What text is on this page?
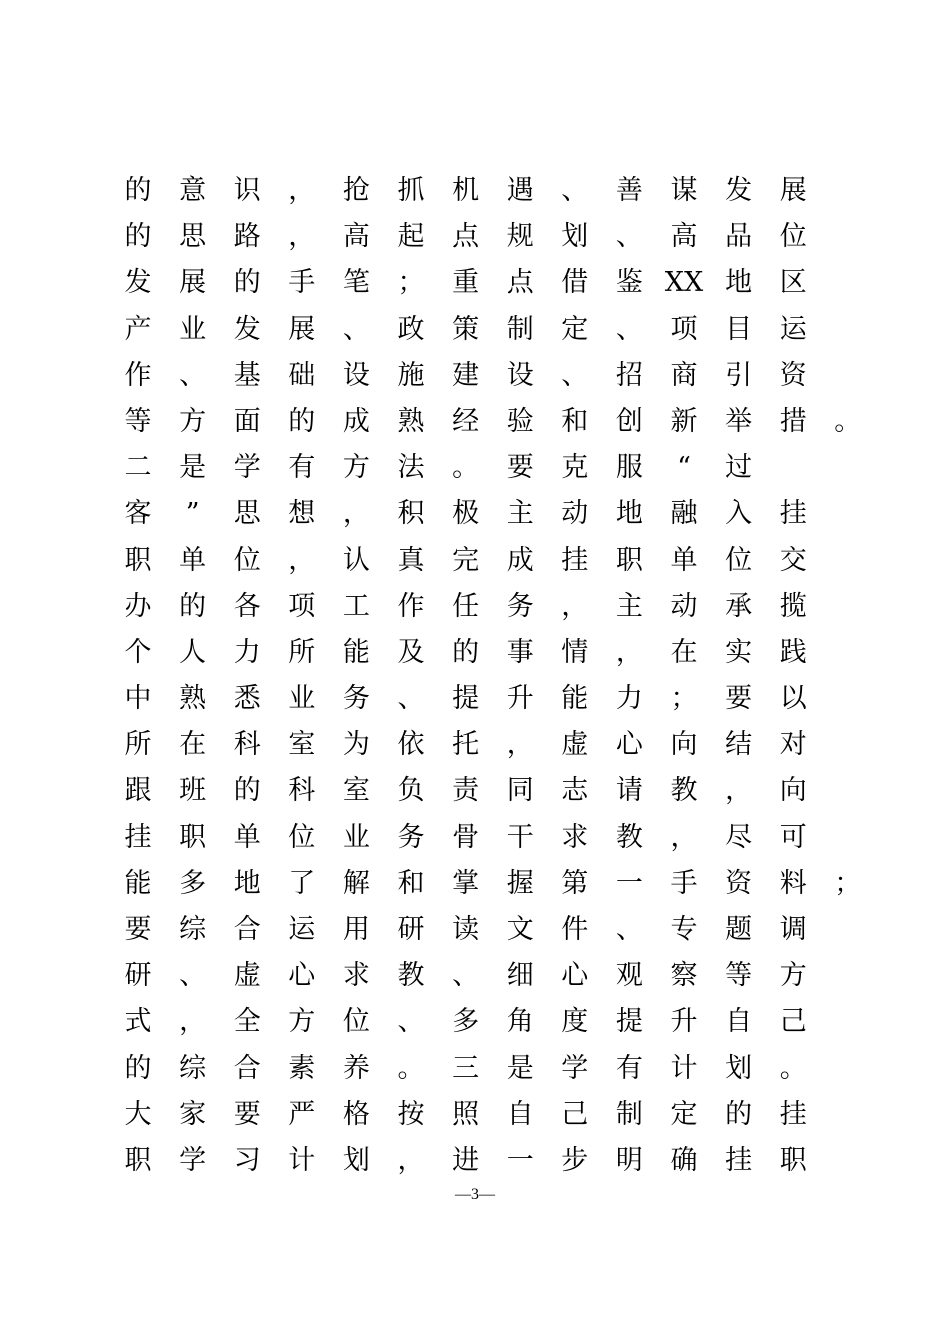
的 意 识 ， 抢 抓 机 遇 、 善 谋 发 展
的 思 路 ， 高 起 点 规 划 、 高 品 位
发 展 的 手 笔 ； 重 点 借 鉴 XX 地 区
产 业 发 展 、 政 策 制 定 、 项 目 运
作 、 基 础 设 施 建 设 、 招 商 引 资
等 方 面 的 成 熟 经 验 和 创 新 举 措 。
二 是 学 有 方 法 。 要 克 服	“	过
客	”	思 想 ， 积 极 主 动 地 融 入 挂
职 单 位 ， 认 真 完 成 挂 职 单 位 交
办 的 各 项 工 作 任 务 ， 主 动 承 揽
个 人 力 所 能 及 的 事 情 ， 在 实 践
中 熟 悉 业 务 、 提 升 能 力 ； 要 以
所 在 科 室 为 依 托 ， 虚 心 向 结 对
跟 班 的 科 室 负 责 同 志 请 教 ， 向
挂 职 单 位 业 务 骨 干 求 教 ， 尽 可
能 多 地 了 解 和 掌 握 第 一 手 资 料 ；
要 综 合 运 用 研 读 文 件 、 专 题 调
研 、 虚 心 求 教 、 细 心 观 察 等 方
式 ， 全 方 位 、 多 角 度 提 升 自 己
的 综 合 素 养 。 三 是 学 有 计 划 。
大 家 要 严 格 按 照 自 己 制 定 的 挂
职 学 习 计 划 ， 进 一 步 明 确 挂 职
—3—
